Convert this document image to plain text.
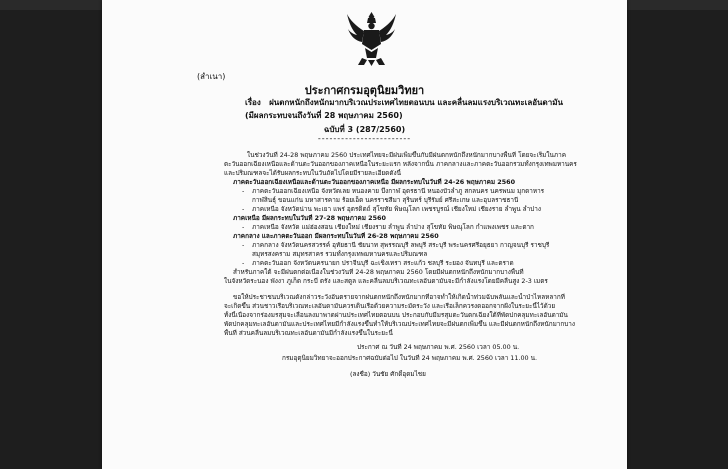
(สำเนา)
ประกาศกรมอุตุนิยมวิทยา
เรื่อง ฝนตกหนักถึงหนักมากบริเวณประเทศไทยตอนบน และคลื่นลมแรงบริเวณทะเลอันดามัน
(มีผลกระทบจนถึงวันที่ 28 พฤษภาคม 2560)
ฉบับที่ 3 (287/2560)
------------------------
ในช่วงวันที่ 24-28 พฤษภาคม 2560 ประเทศไทยจะมีฝนเพิ่มขึ้นกับมีฝนตกหนักถึงหนักมากบางพื้นที่ โดยจะเริ่มในภาค
ตะวันออกเฉียงเหนือและด้านตะวันออกของภาคเหนือในระยะแรก หลังจากนั้น ภาคกลางและภาคตะวันออกรวมทั้งกรุงเทพมหานคร
และปริมณฑลจะได้รับผลกระทบในวันถัดไปโดยมีรายละเอียดดังนี้
ภาคตะวันออกเฉียงเหนือและด้านตะวันออกของภาคเหนือ มีผลกระทบในวันที่ 24-26 พฤษภาคม 2560
- ภาคตะวันออกเฉียงเหนือ จังหวัดเลย หนองคาย บึงกาฬ อุดรธานี หนองบัวลำภู สกลนคร นครพนม มุกดาหาร
กาฬสินธุ์ ขอนแก่น มหาสารคาม ร้อยเอ็ด นครราชสีมา สุรินทร์ บุรีรัมย์ ศรีสะเกษ และอุบลราชธานี
- ภาคเหนือ จังหวัดน่าน พะเยา แพร่ อุตรดิตถ์ สุโขทัย พิษณุโลก เพชรบูรณ์ เชียงใหม่ เชียงราย ลำพูน ลำปาง
ภาคเหนือ มีผลกระทบในวันที่ 27-28 พฤษภาคม 2560
- ภาคเหนือ จังหวัด แม่ฮ่องสอน เชียงใหม่ เชียงราย ลำพูน ลำปาง สุโขทัย พิษณุโลก กำแพงเพชร และตาก
ภาคกลาง และภาคตะวันออก มีผลกระทบในวันที่ 26-28 พฤษภาคม 2560
- ภาคกลาง จังหวัดนครสวรรค์ อุทัยธานี ชัยนาท สุพรรณบุรี ลพบุรี สระบุรี พระนครศรีอยุธยา กาญจนบุรี ราชบุรี
สมุทรสงคราม สมุทรสาคร รวมทั้งกรุงเทพมหานครและปริมณฑล
- ภาคตะวันออก จังหวัดนครนายก ปราจีนบุรี ฉะเชิงเทรา สระแก้ว ชลบุรี ระยอง จันทบุรี และตราด
สำหรับภาคใต้ จะมีฝนตกต่อเนื่องในช่วงวันที่ 24-28 พฤษภาคม 2560 โดยมีฝนตกหนักถึงหนักมากบางพื้นที่
ในจังหวัดระนอง พังงา ภูเก็ต กระบี่ ตรัง และสตูล และคลื่นลมบริเวณทะเลอันดามันจะมีกำลังแรงโดยมีคลื่นสูง 2-3 เมตร
ขอให้ประชาชนบริเวณดังกล่าวระวังอันตรายจากฝนตกหนักถึงหนักมากที่อาจทำให้เกิดน้ำท่วมฉับพลันและน้ำป่าไหลหลากที่
จะเกิดขึ้น ส่วนชาวเรือบริเวณทะเลอันดามันควรเดินเรือด้วยความระมัดระวัง และเรือเล็กควรงดออกจากฝั่งในระยะนี้ไว้ด้วย
ทั้งนี้เนื่องจากร่องมรสุมจะเลื่อนลงมาพาดผ่านประเทศไทยตอนบน ประกอบกับมีมรสุมตะวันตกเฉียงใต้ที่พัดปกคลุมทะเลอันดามัน
พัดปกคลุมทะเลอันดามันและประเทศไทยมีกำลังแรงขึ้นทำให้บริเวณประเทศไทยจะมีฝนตกเพิ่มขึ้น และมีฝนตกหนักถึงหนักมากบาง
พื้นที่ ส่วนคลื่นลมบริเวณทะเลอันดามันมีกำลังแรงขึ้นในระยะนี้
ประกาศ ณ วันที่ 24 พฤษภาคม พ.ศ. 2560 เวลา 05.00 น.
กรมอุตุนิยมวิทยาจะออกประกาศฉบับต่อไป ในวันที่ 24 พฤษภาคม พ.ศ. 2560 เวลา 11.00 น.
(ลงชื่อ) วันชัย ศักดิ์อุดมไชย
